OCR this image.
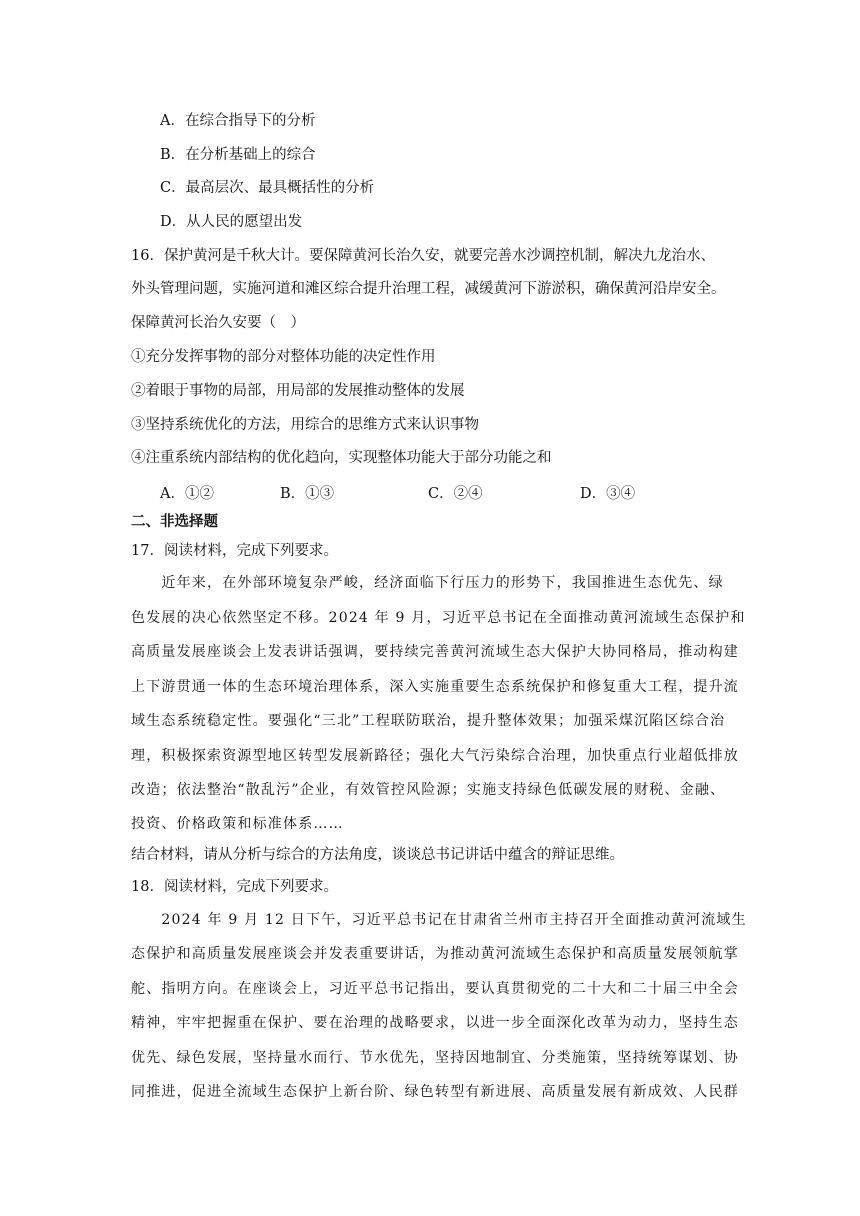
A．在综合指导下的分析
B．在分析基础上的综合
C．最高层次、最具概括性的分析
D．从人民的愿望出发
16．保护黄河是千秋大计。要保障黄河长治久安，就要完善水沙调控机制，解决九龙治水、
外头管理问题，实施河道和滩区综合提升治理工程，减缓黄河下游淤积，确保黄河沿岸安全。
保障黄河长治久安要（　）
①充分发挥事物的部分对整体功能的决定性作用
②着眼于事物的局部，用局部的发展推动整体的发展
③坚持系统优化的方法，用综合的思维方式来认识事物
④注重系统内部结构的优化趋向，实现整体功能大于部分功能之和
A．①②	B．①③	C．②④	D．③④
二、非选择题
17．阅读材料，完成下列要求。
　　近年来，在外部环境复杂严峻，经济面临下行压力的形势下，我国推进生态优先、绿
色发展的决心依然坚定不移。2024 年 9 月，习近平总书记在全面推动黄河流域生态保护和
高质量发展座谈会上发表讲话强调，要持续完善黄河流域生态大保护大协同格局，推动构建
上下游贯通一体的生态环境治理体系，深入实施重要生态系统保护和修复重大工程，提升流
域生态系统稳定性。要强化“三北”工程联防联治，提升整体效果；加强采煤沉陷区综合治
理，积极探索资源型地区转型发展新路径；强化大气污染综合治理，加快重点行业超低排放
改造；依法整治“散乱污”企业，有效管控风险源；实施支持绿色低碳发展的财税、金融、
投资、价格政策和标准体系……
结合材料，请从分析与综合的方法角度，谈谈总书记讲话中蕴含的辩证思维。
18．阅读材料，完成下列要求。
　　2024 年 9 月 12 日下午，习近平总书记在甘肃省兰州市主持召开全面推动黄河流域生
态保护和高质量发展座谈会并发表重要讲话，为推动黄河流域生态保护和高质量发展领航掌
舵、指明方向。在座谈会上，习近平总书记指出，要认真贯彻党的二十大和二十届三中全会
精神，牢牢把握重在保护、要在治理的战略要求，以进一步全面深化改革为动力，坚持生态
优先、绿色发展，坚持量水而行、节水优先，坚持因地制宜、分类施策，坚持统筹谋划、协
同推进，促进全流域生态保护上新台阶、绿色转型有新进展、高质量发展有新成效、人民群
